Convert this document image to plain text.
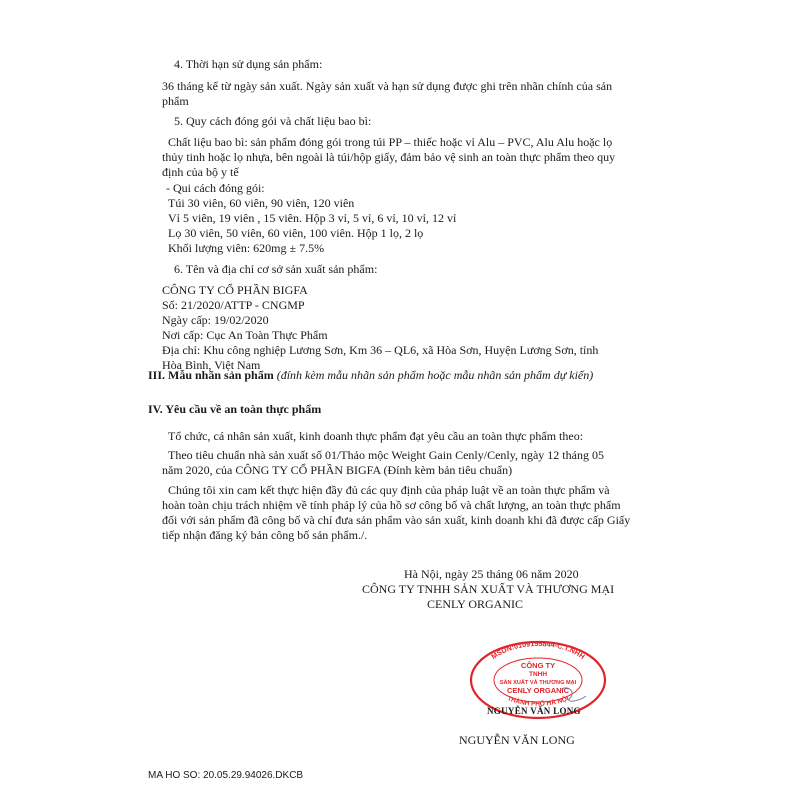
4. Thời hạn sử dụng sản phẩm:
36 tháng kể từ ngày sản xuất. Ngày sản xuất và hạn sử dụng được ghi trên nhãn chính của sản
phẩm
5. Quy cách đóng gói và chất liệu bao bì:
Chất liệu bao bì: sản phẩm đóng gói trong túi PP – thiếc hoặc vỉ Alu – PVC, Alu Alu hoặc lọ
thủy tinh hoặc lọ nhựa, bên ngoài là túi/hộp giấy, đảm bảo vệ sinh an toàn thực phẩm theo quy
định của bộ y tế
- Qui cách đóng gói:
Túi 30 viên, 60 viên, 90 viên, 120 viên
Vỉ 5 viên, 19 viên , 15 viên. Hộp 3 vỉ, 5 vỉ, 6 vỉ, 10 vỉ, 12 vỉ
Lọ 30 viên, 50 viên, 60 viên, 100 viên. Hộp 1 lọ, 2 lọ
Khối lượng viên: 620mg ± 7.5%
6. Tên và địa chỉ cơ sở sản xuất sản phẩm:
CÔNG TY CỔ PHẦN BIGFA
Số: 21/2020/ATTP - CNGMP
Ngày cấp: 19/02/2020
Nơi cấp: Cục An Toàn Thực Phẩm
Địa chỉ: Khu công nghiệp Lương Sơn, Km 36 – QL6, xã Hòa Sơn, Huyện Lương Sơn, tỉnh
Hòa Bình, Việt Nam
III. Mẫu nhãn sản phẩm (đính kèm mẫu nhãn sản phẩm hoặc mẫu nhãn sản phẩm dự kiến)
IV. Yêu cầu về an toàn thực phẩm
Tổ chức, cá nhân sản xuất, kinh doanh thực phẩm đạt yêu cầu an toàn thực phẩm theo:
Theo tiêu chuẩn nhà sản xuất số 01/Thảo mộc Weight Gain Cenly/Cenly, ngày 12 tháng 05
năm 2020, của CÔNG TY CỔ PHẦN BIGFA (Đính kèm bản tiêu chuẩn)
Chúng tôi xin cam kết thực hiện đầy đủ các quy định của pháp luật về an toàn thực phẩm và
hoàn toàn chịu trách nhiệm về tính pháp lý của hồ sơ công bố và chất lượng, an toàn thực phẩm
đối với sản phẩm đã công bố và chỉ đưa sản phẩm vào sản xuất, kinh doanh khi đã được cấp Giấy
tiếp nhận đăng ký bản công bố sản phẩm./.
Hà Nội, ngày 25 tháng 06 năm 2020
CÔNG TY TNHH SẢN XUẤT VÀ THƯƠNG MẠI
CENLY ORGANIC
MSDN:0109155844-C.T.NHH
THÀNH PHỐ HÀ NỘI
CÔNG TY
TNHH
SẢN XUẤT VÀ THƯƠNG MẠI
CENLY ORGANIC
NGUYỄN VĂN LONG
NGUYỄN VĂN LONG
MA HO SO: 20.05.29.94026.DKCB
